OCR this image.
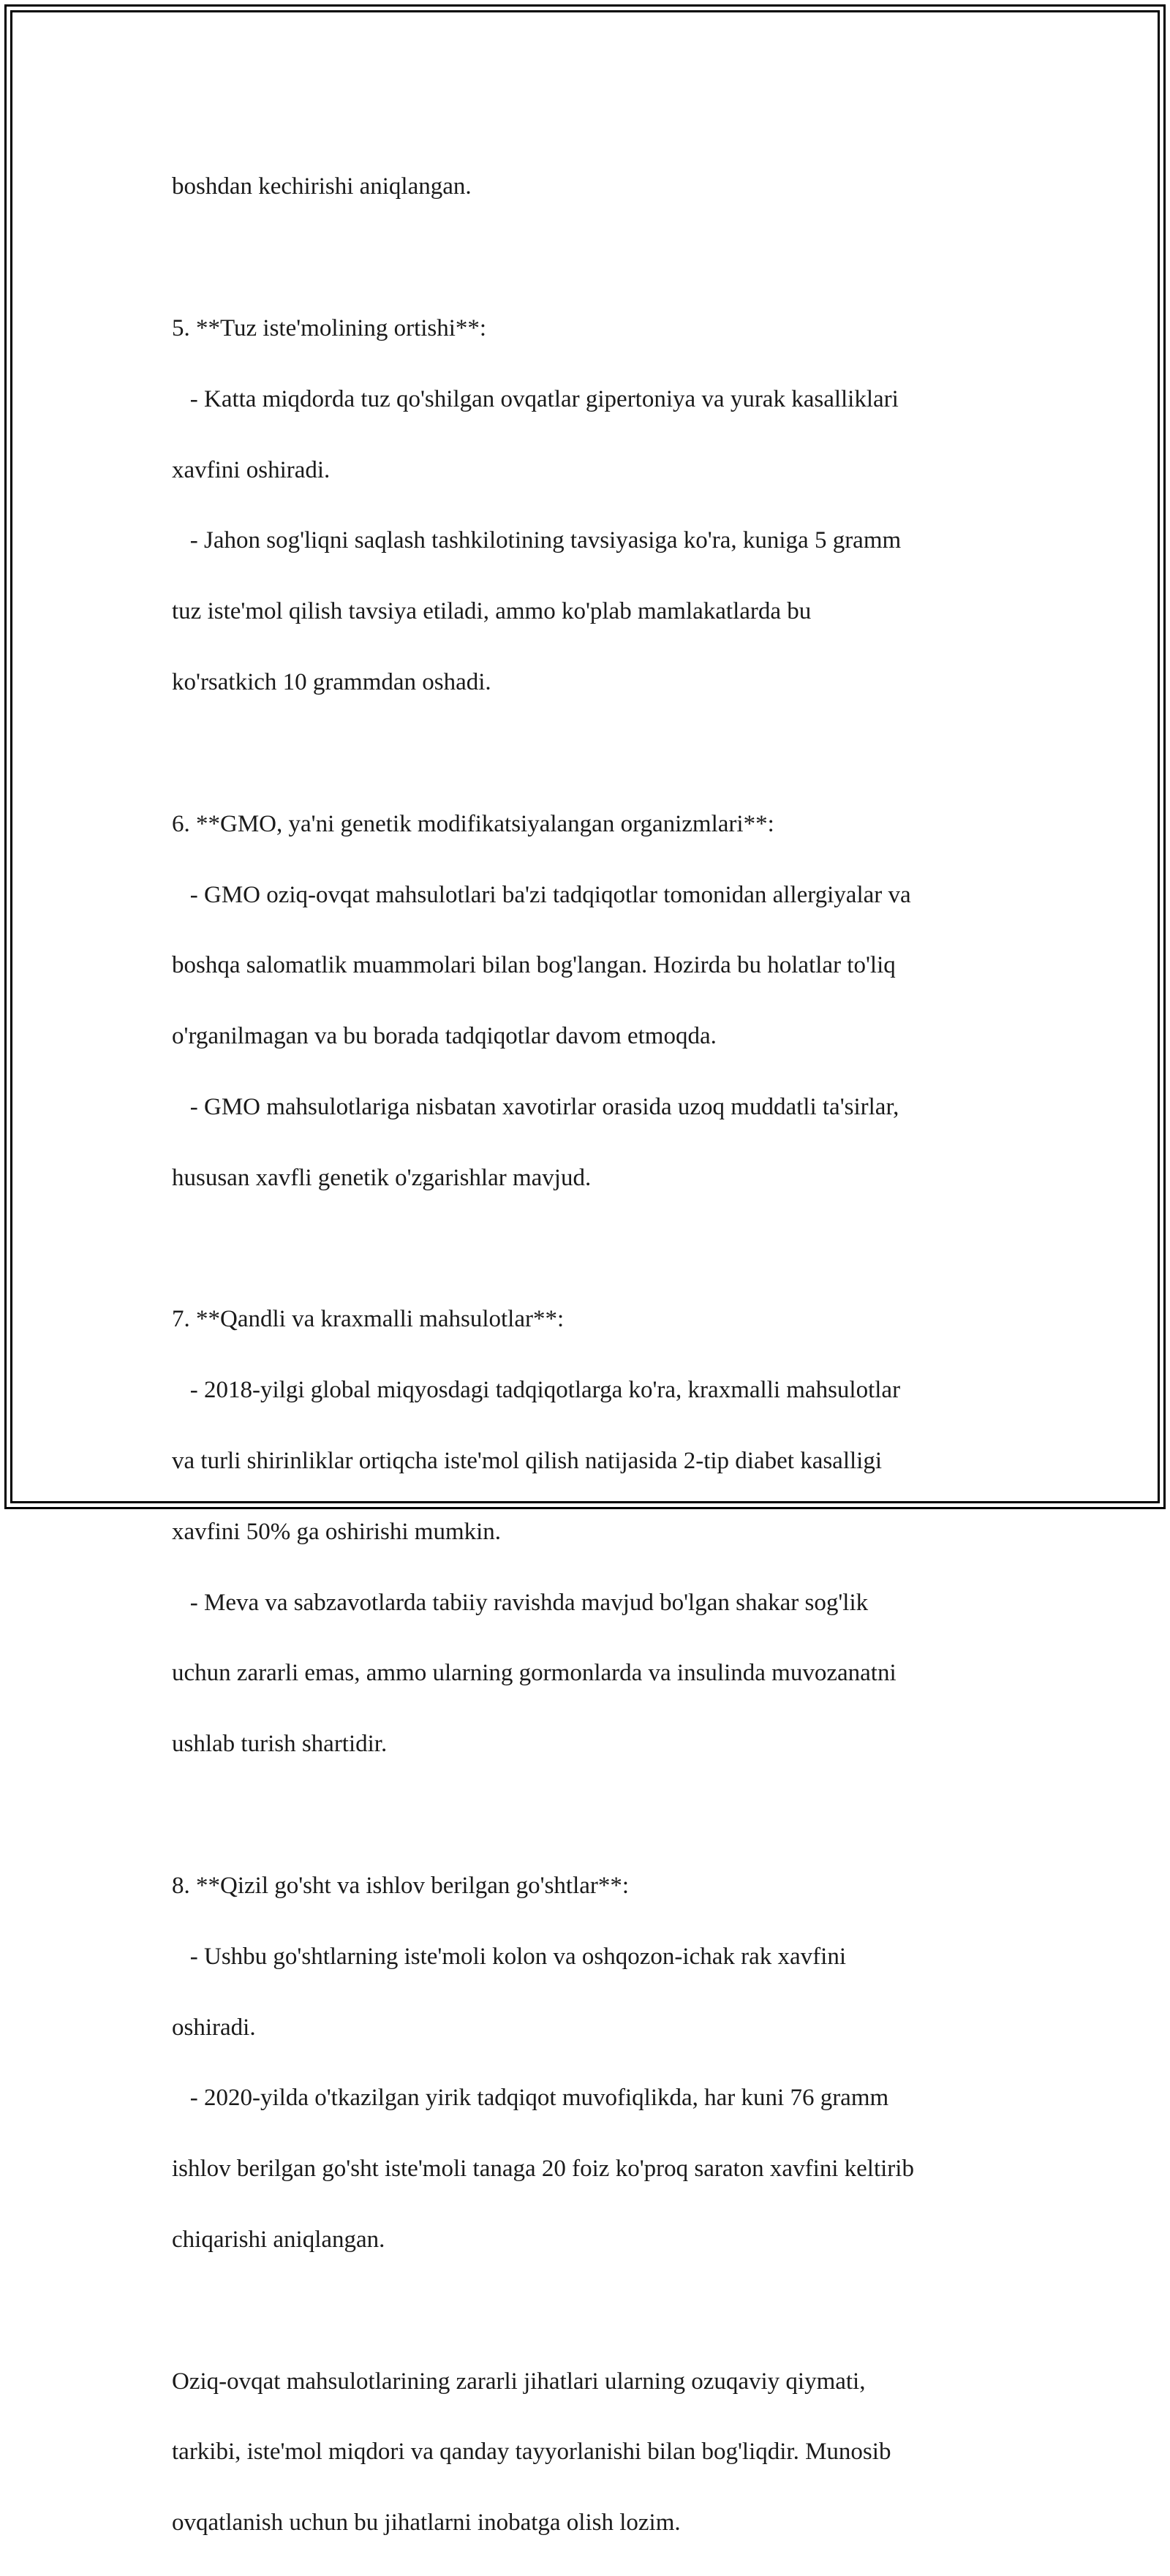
boshdan kechirishi aniqlangan.

5. **Tuz iste'molining ortishi**:

- Katta miqdorda tuz qo'shilgan ovqatlar gipertoniya va yurak kasalliklari

xavfini oshiradi.

- Jahon sog'liqni saqlash tashkilotining tavsiyasiga ko'ra, kuniga 5 gramm

tuz iste'mol qilish tavsiya etiladi, ammo ko'plab mamlakatlarda bu

ko'rsatkich 10 grammdan oshadi.

6. **GMO, ya'ni genetik modifikatsiyalangan organizmlari**:

- GMO oziq-ovqat mahsulotlari ba'zi tadqiqotlar tomonidan allergiyalar va

boshqa salomatlik muammolari bilan bog'langan. Hozirda bu holatlar to'liq

o'rganilmagan va bu borada tadqiqotlar davom etmoqda.

- GMO mahsulotlariga nisbatan xavotirlar orasida uzoq muddatli ta'sirlar,

hususan xavfli genetik o'zgarishlar mavjud.

7. **Qandli va kraxmalli mahsulotlar**:

- 2018-yilgi global miqyosdagi tadqiqotlarga ko'ra, kraxmalli mahsulotlar

va turli shirinliklar ortiqcha iste'mol qilish natijasida 2-tip diabet kasalligi

xavfini 50% ga oshirishi mumkin.

- Meva va sabzavotlarda tabiiy ravishda mavjud bo'lgan shakar sog'lik

uchun zararli emas, ammo ularning gormonlarda va insulinda muvozanatni

ushlab turish shartidir.

8. **Qizil go'sht va ishlov berilgan go'shtlar**:

- Ushbu go'shtlarning iste'moli kolon va oshqozon-ichak rak xavfini

oshiradi.

- 2020-yilda o'tkazilgan yirik tadqiqot muvofiqlikda, har kuni 76 gramm

ishlov berilgan go'sht iste'moli tanaga 20 foiz ko'proq saraton xavfini keltirib

chiqarishi aniqlangan.

Oziq-ovqat mahsulotlarining zararli jihatlari ularning ozuqaviy qiymati,

tarkibi, iste'mol miqdori va qanday tayyorlanishi bilan bog'liqdir. Munosib

ovqatlanish uchun bu jihatlarni inobatga olish lozim.
